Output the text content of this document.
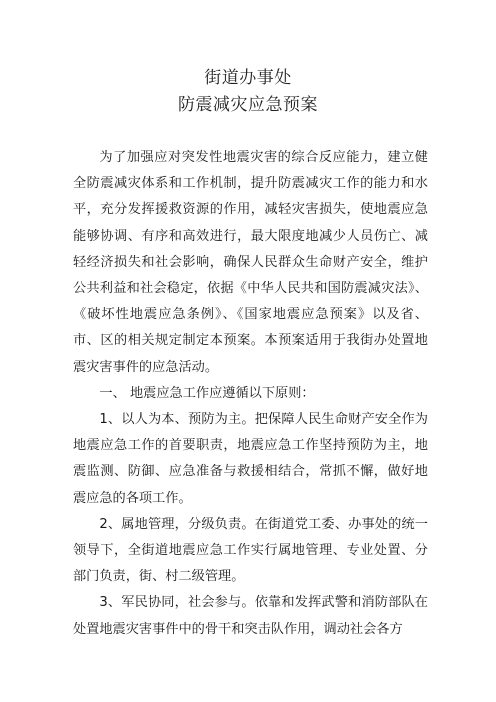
街道办事处
防震减灾应急预案

为了加强应对突发性地震灾害的综合反应能力，建立健全防震减灾体系和工作机制，提升防震减灾工作的能力和水平，充分发挥援救资源的作用，减轻灾害损失，使地震应急能够协调、有序和高效进行，最大限度地减少人员伤亡、减轻经济损失和社会影响，确保人民群众生命财产安全，维护公共利益和社会稳定，依据《中华人民共和国防震减灾法》、《破坏性地震应急条例》、《国家地震应急预案》以及省、市、区的相关规定制定本预案。本预案适用于我街办处置地震灾害事件的应急活动。

一、 地震应急工作应遵循以下原则：

1、以人为本、预防为主。把保障人民生命财产安全作为地震应急工作的首要职责，地震应急工作坚持预防为主，地震监测、防御、应急准备与救援相结合，常抓不懈，做好地震应急的各项工作。

2、属地管理，分级负责。在街道党工委、办事处的统一领导下，全街道地震应急工作实行属地管理、专业处置、分部门负责，街、村二级管理。

3、军民协同，社会参与。依靠和发挥武警和消防部队在处置地震灾害事件中的骨干和突击队作用，调动社会各方
